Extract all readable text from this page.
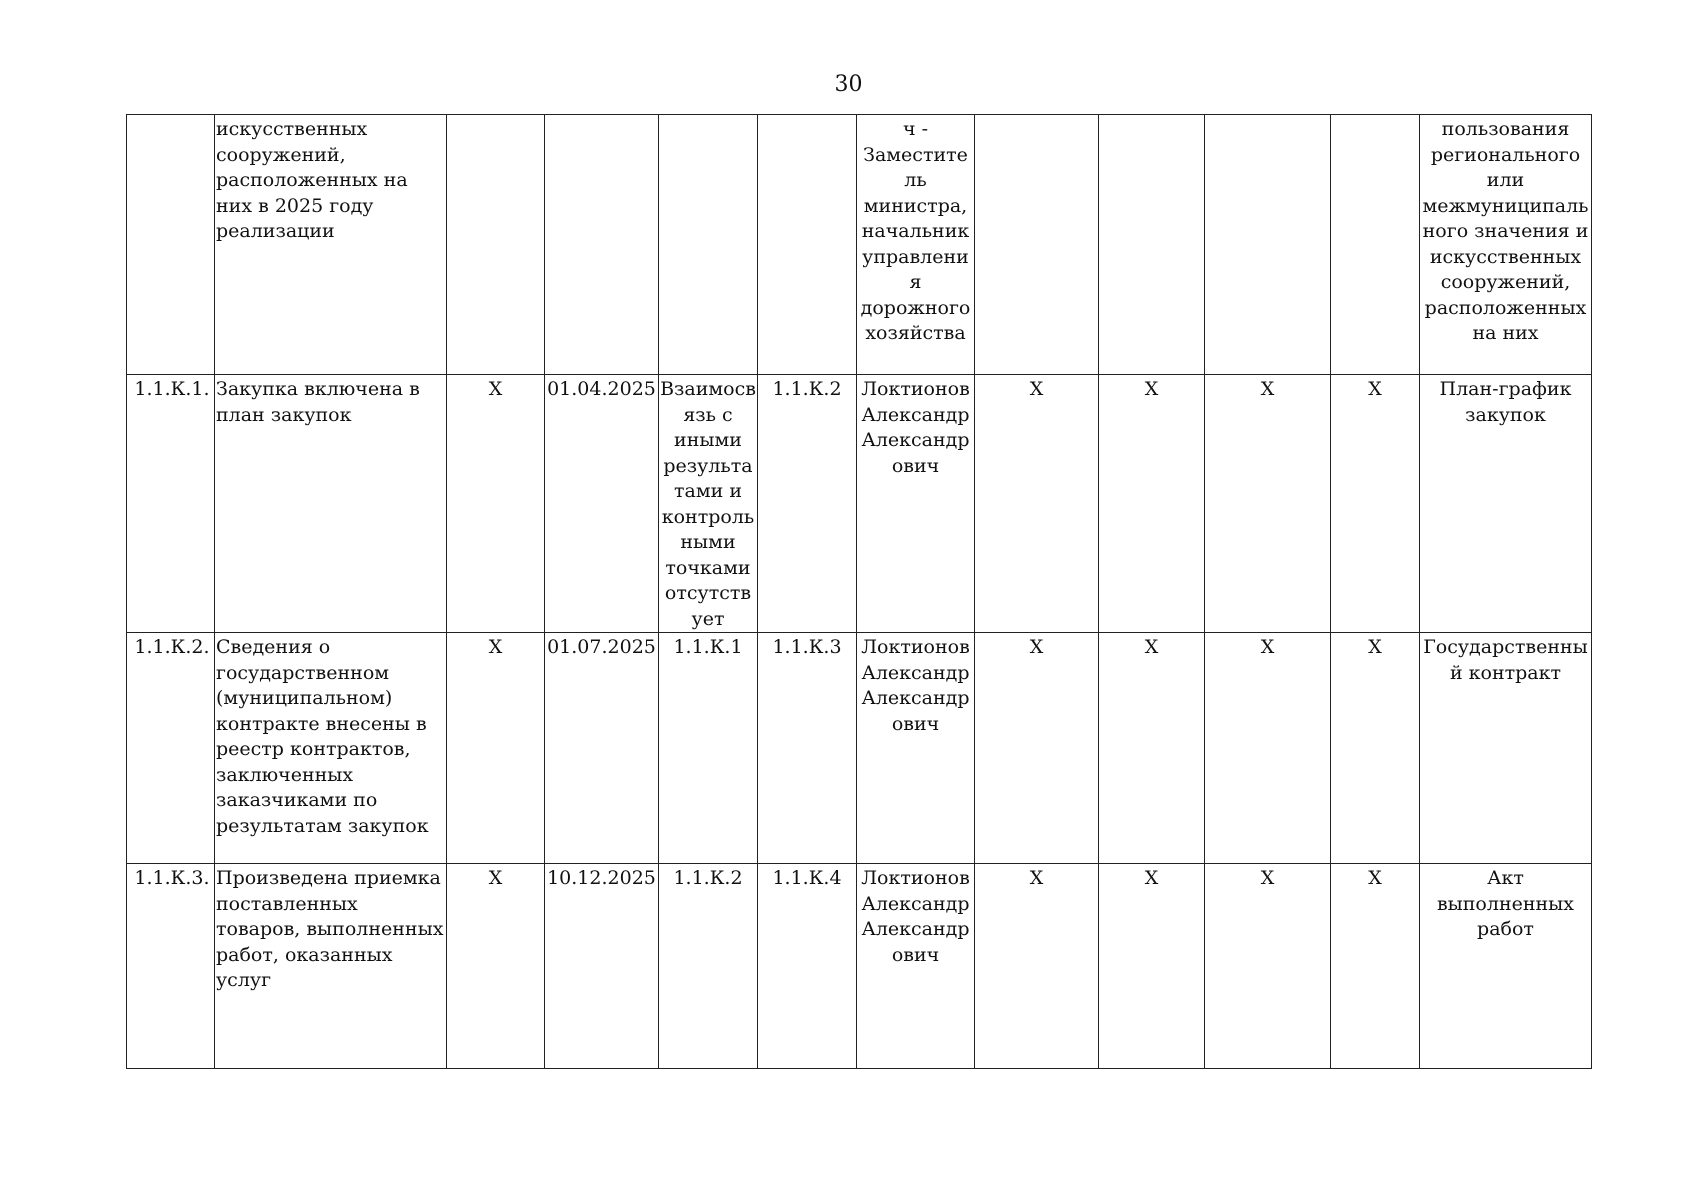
30
	искусственных сооружений, расположенных на них в 2025 году реализации					ч - Заместитель министра, начальник управления дорожного хозяйства					пользования регионального или межмуниципального значения и искусственных сооружений, расположенных на них
1.1.К.1.	Закупка включена в план закупок	Х	01.04.2025	Взаимосвязь с иными результатами и контрольными точками отсутствует	1.1.К.2	Локтионов Александр Александрович	Х	Х	Х	Х	План-график закупок
1.1.К.2.	Сведения о государственном (муниципальном) контракте внесены в реестр контрактов, заключенных заказчиками по результатам закупок	Х	01.07.2025	1.1.К.1	1.1.К.3	Локтионов Александр Александрович	Х	Х	Х	Х	Государственный контракт
1.1.К.3.	Произведена приемка поставленных товаров, выполненных работ, оказанных услуг	Х	10.12.2025	1.1.К.2	1.1.К.4	Локтионов Александр Александрович	Х	Х	Х	Х	Акт выполненных работ
